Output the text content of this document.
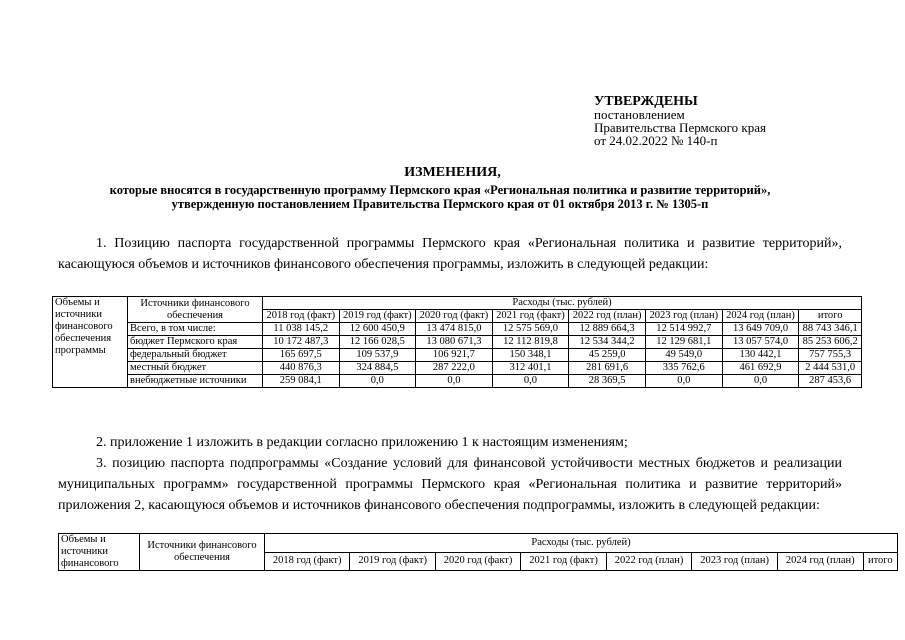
УТВЕРЖДЕНЫ
постановлением
Правительства Пермского края
от 24.02.2022 № 140-п
ИЗМЕНЕНИЯ,
которые вносятся в государственную программу Пермского края «Региональная политика и развитие территорий», утвержденную постановлением Правительства Пермского края от 01 октября 2013 г. № 1305-п
1. Позицию паспорта государственной программы Пермского края «Региональная политика и развитие территорий», касающуюся объемов и источников финансового обеспечения программы, изложить в следующей редакции:
Объемы и источники финансового обеспечения программы	Источники финансового обеспечения	Расходы (тыс. рублей)							
		2018 год (факт)	2019 год (факт)	2020 год (факт)	2021 год (факт)	2022 год (план)	2023 год (план)	2024 год (план)	итого
	Всего, в том числе:	11 038 145,2	12 600 450,9	13 474 815,0	12 575 569,0	12 889 664,3	12 514 992,7	13 649 709,0	88 743 346,1
	бюджет Пермского края	10 172 487,3	12 166 028,5	13 080 671,3	12 112 819,8	12 534 344,2	12 129 681,1	13 057 574,0	85 253 606,2
	федеральный бюджет	165 697,5	109 537,9	106 921,7	150 348,1	45 259,0	49 549,0	130 442,1	757 755,3
	местный бюджет	440 876,3	324 884,5	287 222,0	312 401,1	281 691,6	335 762,6	461 692,9	2 444 531,0
	внебюджетные источники	259 084,1	0,0	0,0	0,0	28 369,5	0,0	0,0	287 453,6
2. приложение 1 изложить в редакции согласно приложению 1 к настоящим изменениям;
3. позицию паспорта подпрограммы «Создание условий для финансовой устойчивости местных бюджетов и реализации муниципальных программ» государственной программы Пермского края «Региональная политика и развитие территорий» приложения 2, касающуюся объемов и источников финансового обеспечения подпрограммы, изложить в следующей редакции:
Объемы и источники финансового	Источники финансового обеспечения	Расходы (тыс. рублей)							
		2018 год (факт)	2019 год (факт)	2020 год (факт)	2021 год (факт)	2022 год (план)	2023 год (план)	2024 год (план)	итого
